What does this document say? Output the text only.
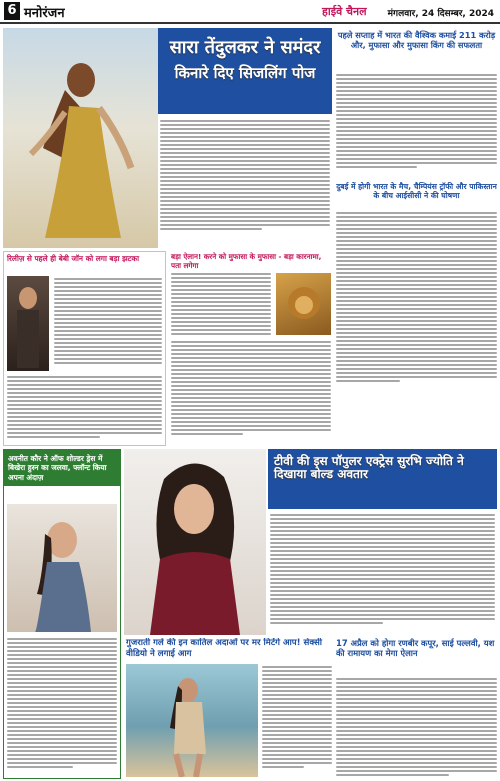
6 मनोरंजन	हाईवे चैनल मंगलवार, 24 दिसम्बर, 2024
सारा तेंदुलकर ने समंदर
किनारे दिए सिजलिंग पोज
पहले सप्ताह में भारत की वैश्विक कमाई 211 करोड़ और, मुफासा और मुफासा किंग की सफलता
दुबई में होगी भारत के मैच, चैम्पियंस ट्रॉफी और पाकिस्तान के बीच आईसीसी ने की घोषणा
रिलीज़ से पहले ही बेबी जॉन को लगा बड़ा झटका	बड़ा ऐलान! करने को मुफासा के मुफासा - बड़ा कारनामा, पता लगेगा
अवनीत कौर ने ऑफ शोल्डर ड्रेस में बिखेरा हुस्न का जलवा, फ्लॉन्ट किया अपना अंदाज़
टीवी की इस पॉपुलर एक्ट्रेस सुरभि ज्योति ने दिखाया बोल्ड अवतार
गुजराती गर्ल की इन कातिल अदाओं पर मर मिटेंगे आप! सेक्सी वीडियो ने लगाई आग
17 अप्रैल को होगा रणबीर कपूर, साई पल्लवी, यश की रामायण का मेगा ऐलान
